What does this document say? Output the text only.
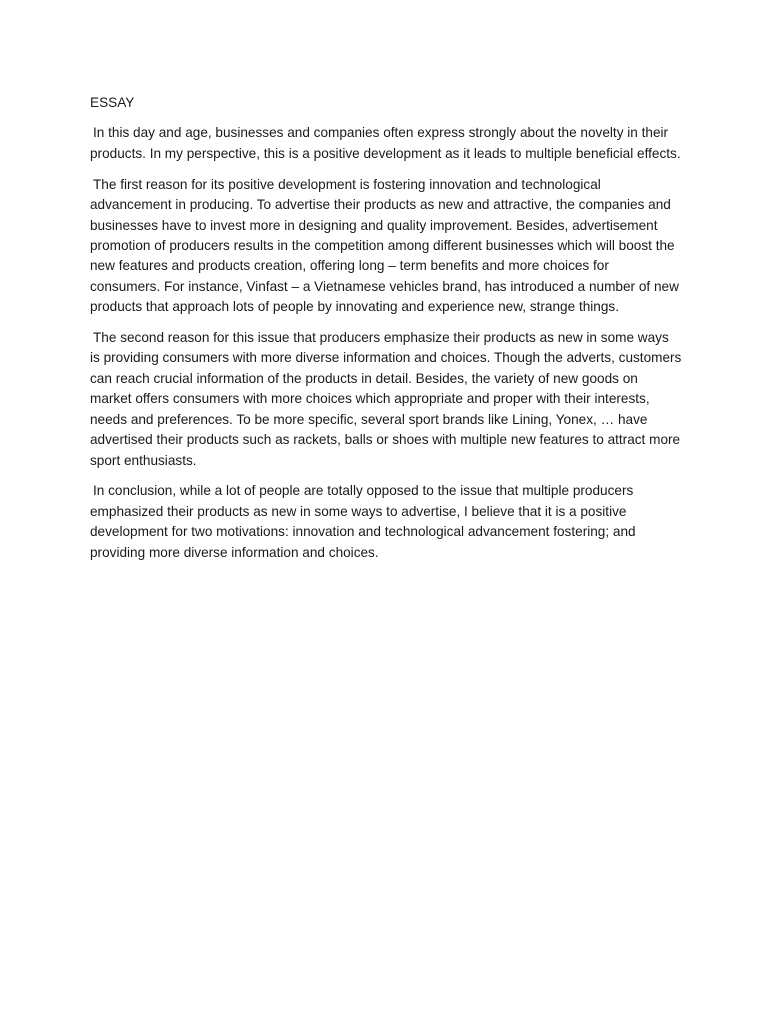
ESSAY

In this day and age, businesses and companies often express strongly about the novelty in their products. In my perspective, this is a positive development as it leads to multiple beneficial effects.

The first reason for its positive development is fostering innovation and technological advancement in producing. To advertise their products as new and attractive, the companies and businesses have to invest more in designing and quality improvement. Besides, advertisement promotion of producers results in the competition among different businesses which will boost the new features and products creation, offering long – term benefits and more choices for consumers. For instance, Vinfast – a Vietnamese vehicles brand, has introduced a number of new products that approach lots of people by innovating and experience new, strange things.

The second reason for this issue that producers emphasize their products as new in some ways is providing consumers with more diverse information and choices. Though the adverts, customers can reach crucial information of the products in detail. Besides, the variety of new goods on market offers consumers with more choices which appropriate and proper with their interests, needs and preferences. To be more specific, several sport brands like Lining, Yonex, … have advertised their products such as rackets, balls or shoes with multiple new features to attract more sport enthusiasts.

In conclusion, while a lot of people are totally opposed to the issue that multiple producers emphasized their products as new in some ways to advertise, I believe that it is a positive development for two motivations: innovation and technological advancement fostering; and providing more diverse information and choices.
